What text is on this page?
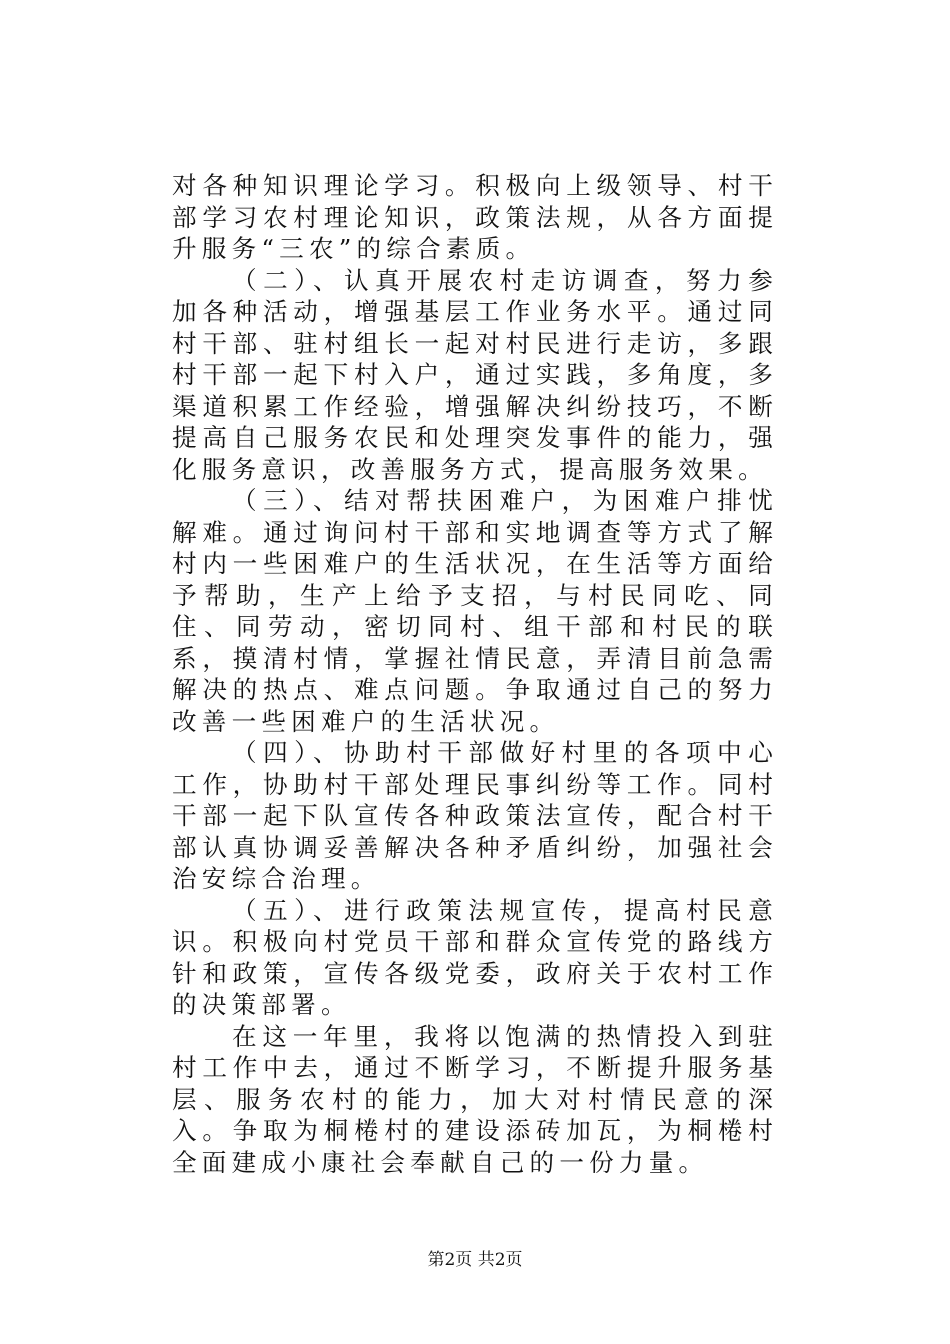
对各种知识理论学习。积极向上级领导、村干部学习农村理论知识，政策法规，从各方面提升服务“三农”的综合素质。

（二）、认真开展农村走访调查，努力参加各种活动，增强基层工作业务水平。通过同村干部、驻村组长一起对村民进行走访，多跟村干部一起下村入户，通过实践，多角度，多渠道积累工作经验，增强解决纠纷技巧，不断提高自己服务农民和处理突发事件的能力，强化服务意识，改善服务方式，提高服务效果。

（三）、结对帮扶困难户，为困难户排忧解难。通过询问村干部和实地调查等方式了解村内一些困难户的生活状况，在生活等方面给予帮助，生产上给予支招，与村民同吃、同住、同劳动，密切同村、组干部和村民的联系，摸清村情，掌握社情民意，弄清目前急需解决的热点、难点问题。争取通过自己的努力改善一些困难户的生活状况。

（四）、协助村干部做好村里的各项中心工作，协助村干部处理民事纠纷等工作。同村干部一起下队宣传各种政策法宣传，配合村干部认真协调妥善解决各种矛盾纠纷，加强社会治安综合治理。

（五）、进行政策法规宣传，提高村民意识。积极向村党员干部和群众宣传党的路线方针和政策，宣传各级党委，政府关于农村工作的决策部署。

在这一年里，我将以饱满的热情投入到驻村工作中去，通过不断学习，不断提升服务基层、服务农村的能力，加大对村情民意的深入。争取为桐棬村的建设添砖加瓦，为桐棬村全面建成小康社会奉献自己的一份力量。

第2页 共2页
